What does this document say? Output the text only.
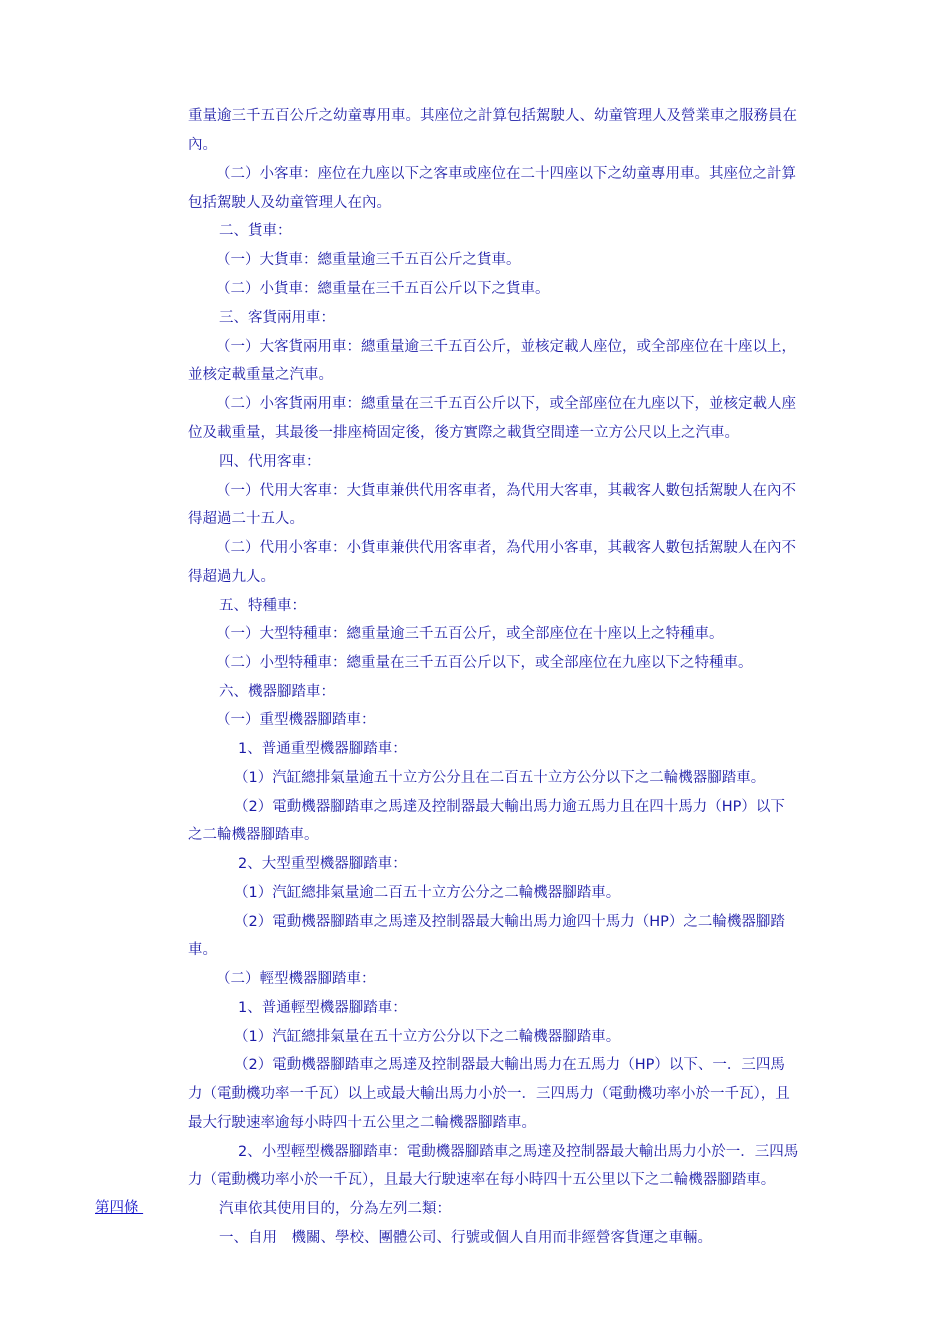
重量逾三千五百公斤之幼童專用車。其座位之計算包括駕駛人、幼童管理人及營業車之服務員在
內。
（二）小客車：座位在九座以下之客車或座位在二十四座以下之幼童專用車。其座位之計算
包括駕駛人及幼童管理人在內。
二、貨車：
（一）大貨車：總重量逾三千五百公斤之貨車。
（二）小貨車：總重量在三千五百公斤以下之貨車。
三、客貨兩用車：
（一）大客貨兩用車：總重量逾三千五百公斤，並核定載人座位，或全部座位在十座以上，
並核定載重量之汽車。
（二）小客貨兩用車：總重量在三千五百公斤以下，或全部座位在九座以下，並核定載人座
位及載重量，其最後一排座椅固定後，後方實際之載貨空間達一立方公尺以上之汽車。
四、代用客車：
（一）代用大客車：大貨車兼供代用客車者，為代用大客車，其載客人數包括駕駛人在內不
得超過二十五人。
（二）代用小客車：小貨車兼供代用客車者，為代用小客車，其載客人數包括駕駛人在內不
得超過九人。
五、特種車：
（一）大型特種車：總重量逾三千五百公斤，或全部座位在十座以上之特種車。
（二）小型特種車：總重量在三千五百公斤以下，或全部座位在九座以下之特種車。
六、機器腳踏車：
（一）重型機器腳踏車：
1、普通重型機器腳踏車：
（1）汽缸總排氣量逾五十立方公分且在二百五十立方公分以下之二輪機器腳踏車。
（2）電動機器腳踏車之馬達及控制器最大輸出馬力逾五馬力且在四十馬力（HP）以下
之二輪機器腳踏車。
2、大型重型機器腳踏車：
（1）汽缸總排氣量逾二百五十立方公分之二輪機器腳踏車。
（2）電動機器腳踏車之馬達及控制器最大輸出馬力逾四十馬力（HP）之二輪機器腳踏
車。
（二）輕型機器腳踏車：
1、普通輕型機器腳踏車：
（1）汽缸總排氣量在五十立方公分以下之二輪機器腳踏車。
（2）電動機器腳踏車之馬達及控制器最大輸出馬力在五馬力（HP）以下、一．三四馬
力（電動機功率一千瓦）以上或最大輸出馬力小於一．三四馬力（電動機功率小於一千瓦），且
最大行駛速率逾每小時四十五公里之二輪機器腳踏車。
2、小型輕型機器腳踏車：電動機器腳踏車之馬達及控制器最大輸出馬力小於一．三四馬
力（電動機功率小於一千瓦），且最大行駛速率在每小時四十五公里以下之二輪機器腳踏車。
第四條	汽車依其使用目的，分為左列二類：
一、自用　機關、學校、團體公司、行號或個人自用而非經營客貨運之車輛。
